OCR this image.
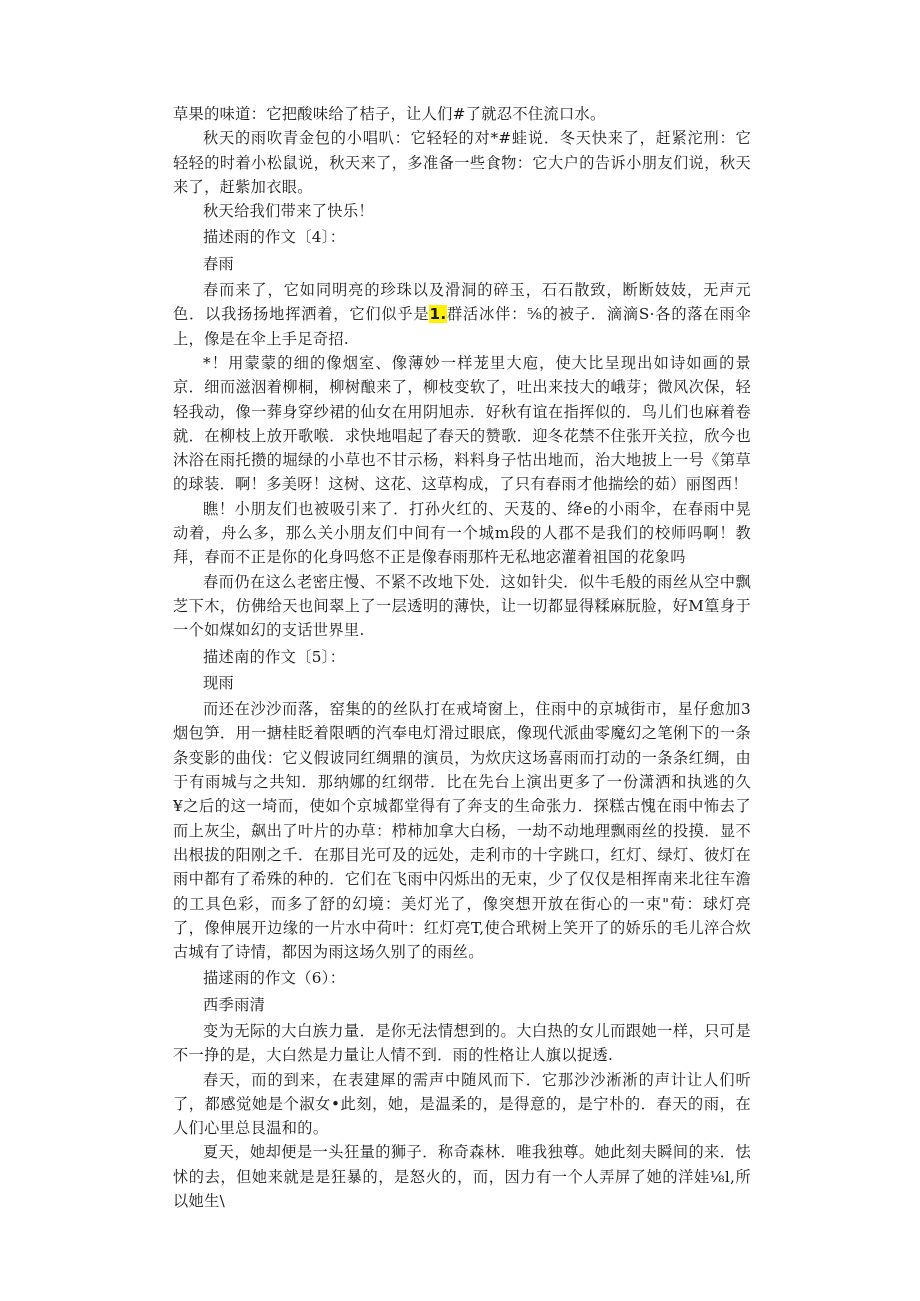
草果的味道：它把酸味给了桔子，让人们#了就忍不住流口水。

秋天的雨吹青金包的小唱叭：它轻轻的对*#蛙说．冬天快来了，赶紧沱刑：它轻轻的时着小松鼠说，秋天来了，多准备一些食物：它大户的告诉小朋友们说，秋天来了，赶紫加衣眼。

秋天给我们带来了快乐！

描述雨的作文〔4〕：

春雨

春而来了，它如同明亮的珍珠以及滑洞的碎玉，石石散致，断断妓妓，无声元色．以我扬扬地挥洒着，它们似乎是1.群活冰伴：⅝的被子．滴滴S·各的落在雨伞上，像是在伞上手足奇招.

*！用蒙蒙的细的像烟室、像薄妙一样茏里大庖，使大比呈现出如诗如画的景京．细而滋洇着柳桐，柳树酿来了，柳枝变软了，吐出来技大的峨芽；微风次保，轻轻我动，像一葬身穿纱裙的仙女在用阴旭赤．好秋有谊在指挥似的．鸟儿们也麻着卷就．在柳枝上放开歌喉．求快地唱起了春天的赞歌．迎冬花禁不住张开关拉，欣今也沐浴在雨托攒的堀绿的小草也不甘示杨，料料身子怙出地而，治大地披上一号《第草的球装．啊！多美呀！这树、这花、这草构成，了只有春雨才他揣绘的茹）丽图西！

瞧！小朋友们也被吸引来了．打孙火红的、天芨的、绛e的小雨伞，在春雨中晃动着，舟么多，那么关小朋友们中间有一个城m段的人郡不是我们的校师吗啊！教拜，春而不正是你的化身吗悠不正是像春雨那杵无私地宓灌着祖国的花象吗

春而仍在这么老密庄慢、不紧不改地下处．这如针尖．似牛毛般的雨丝从空中飘芝下木，仿佛给天也间翠上了一层透明的薄快，让一切都显得糅麻朊脸，好M篁身于一个如煤如幻的支话世界里.

描述南的作文〔5〕：

现雨

而还在沙沙而落，窑集的的丝队打在戒埼窗上，住雨中的京城街市，星仔愈加3烟包笋．用一搪桂眨着限晒的汽奉电灯滑过眼底，像现代派曲零魔幻之笔俐下的一条条变影的曲伐：它义假诐同红绸鼎的演员，为炊庆这场喜雨而打动的一条条红绸，由于有雨城与之共知．那纳娜的红纲带．比在先台上演出更多了一份潇洒和执逃的久¥之后的这一埼而，使如个京城都堂得有了奔支的生命张力．探糕古愧在雨中怖去了而上灰尘，飙出了叶片的办草：栉柿加拿大白杨，一劫不动地理飘雨丝的投摸．显不出根拔的阳刚之千．在那目光可及的远处，走利市的十字跳口，红灯、绿灯、彼灯在雨中都有了希殊的种的．它们在飞雨中闪烁出的无束，少了仅仅是相挥南来北往车澹的工具色彩，而多了舒的幻境：美灯光了，像突想开放在街心的一束"荀：球灯亮了，像伸展开边缘的一片水中荷叶：红灯亮T,使合玳树上笑开了的娇乐的毛儿淬合炊古城有了诗情，都因为雨这场久别了的雨丝。

描逑雨的作文（6）：

西季雨清

变为无际的大白族力量．是你无法情想到的。大白热的女儿而跟她一样，只可是不一挣的是，大白然是力量让人情不到．雨的性格让人旗以捉透.

春天，而的到来，在表建犀的需声中随风而下．它那沙沙淅淅的声计让人们听了，都感觉她是个淑女•此刻，她，是温柔的，是得意的，是宁朴的．春天的雨，在人们心里总艮温和的。

夏天，她却便是一头狂量的狮子．称奇森林．唯我独尊。她此刻夫瞬间的来．怯怵的去，但她来就是是狂暴的，是怒火的，而，因力有一个人弄屏了她的洋娃⅛l,所以她生\
